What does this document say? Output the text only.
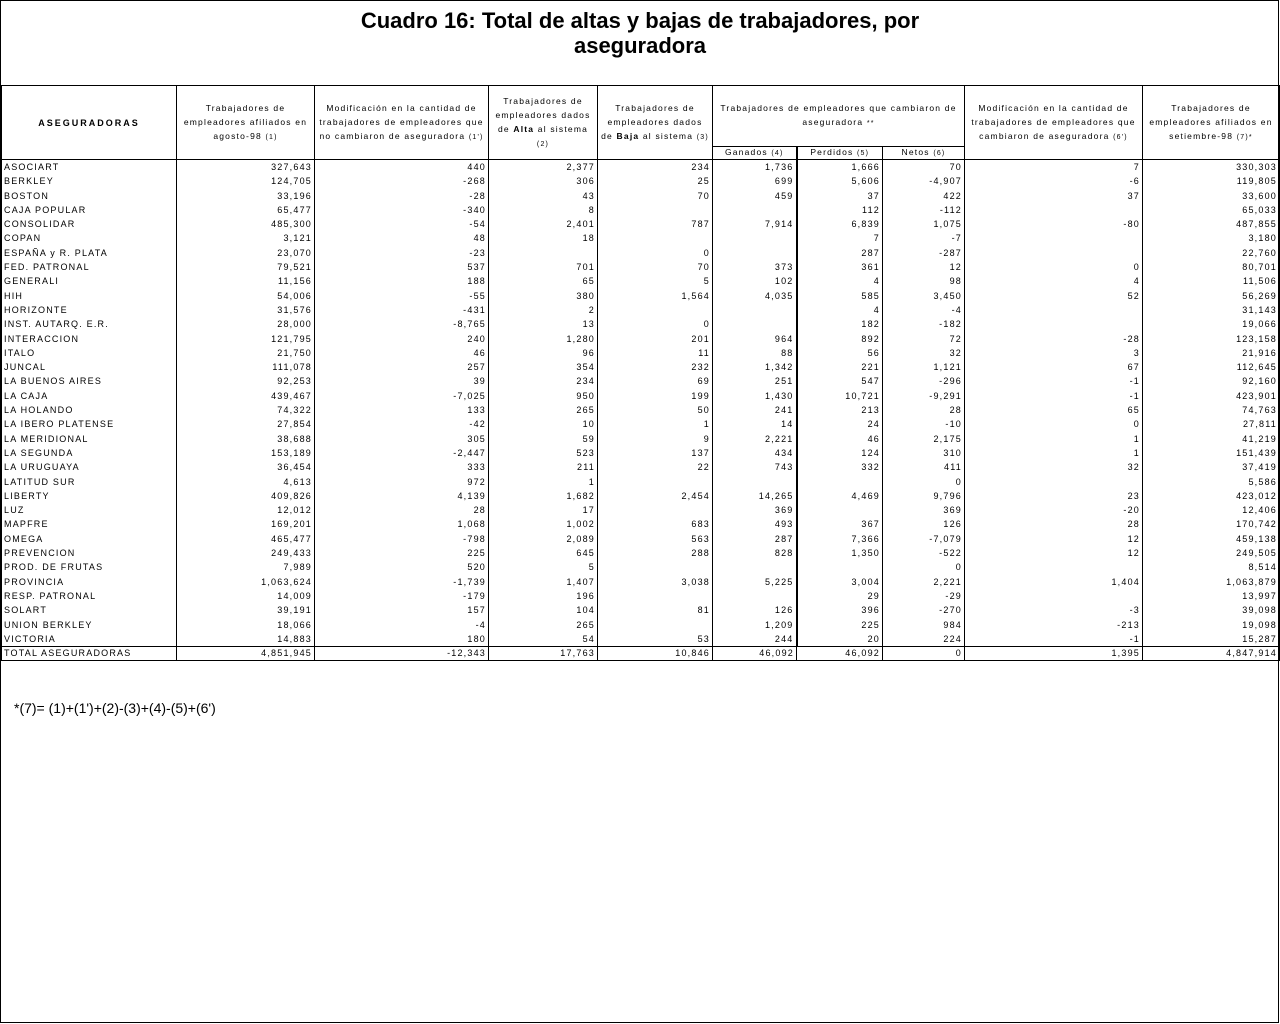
Cuadro 16: Total de altas y bajas de trabajadores, por
aseguradora
ASEGURADORAS	Trabajadores de empleadores afiliados en agosto-98 (1)	Modificación en la cantidad de trabajadores de empleadores que no cambiaron de aseguradora (1')	Trabajadores de empleadores dados de Alta al sistema (2)	Trabajadores de empleadores dados de Baja al sistema (3)	Trabajadores de empleadores que cambiaron de aseguradora **			Modificación en la cantidad de trabajadores de empleadores que cambiaron de aseguradora (6')	Trabajadores de empleadores afiliados en setiembre-98 (7)*
					Ganados (4)	Perdidos (5)	Netos (6)		
ASOCIART	327,643	440	2,377	234	1,736	1,666	70	7	330,303
BERKLEY	124,705	-268	306	25	699	5,606	-4,907	-6	119,805
BOSTON	33,196	-28	43	70	459	37	422	37	33,600
CAJA POPULAR	65,477	-340	8			112	-112		65,033
CONSOLIDAR	485,300	-54	2,401	787	7,914	6,839	1,075	-80	487,855
COPAN	3,121	48	18			7	-7		3,180
ESPAÑA y R. PLATA	23,070	-23		0		287	-287		22,760
FED. PATRONAL	79,521	537	701	70	373	361	12	0	80,701
GENERALI	11,156	188	65	5	102	4	98	4	11,506
HIH	54,006	-55	380	1,564	4,035	585	3,450	52	56,269
HORIZONTE	31,576	-431	2			4	-4		31,143
INST. AUTARQ. E.R.	28,000	-8,765	13	0		182	-182		19,066
INTERACCION	121,795	240	1,280	201	964	892	72	-28	123,158
ITALO	21,750	46	96	11	88	56	32	3	21,916
JUNCAL	111,078	257	354	232	1,342	221	1,121	67	112,645
LA BUENOS AIRES	92,253	39	234	69	251	547	-296	-1	92,160
LA CAJA	439,467	-7,025	950	199	1,430	10,721	-9,291	-1	423,901
LA HOLANDO	74,322	133	265	50	241	213	28	65	74,763
LA IBERO PLATENSE	27,854	-42	10	1	14	24	-10	0	27,811
LA MERIDIONAL	38,688	305	59	9	2,221	46	2,175	1	41,219
LA SEGUNDA	153,189	-2,447	523	137	434	124	310	1	151,439
LA URUGUAYA	36,454	333	211	22	743	332	411	32	37,419
LATITUD SUR	4,613	972	1				0		5,586
LIBERTY	409,826	4,139	1,682	2,454	14,265	4,469	9,796	23	423,012
LUZ	12,012	28	17		369		369	-20	12,406
MAPFRE	169,201	1,068	1,002	683	493	367	126	28	170,742
OMEGA	465,477	-798	2,089	563	287	7,366	-7,079	12	459,138
PREVENCION	249,433	225	645	288	828	1,350	-522	12	249,505
PROD. DE FRUTAS	7,989	520	5				0		8,514
PROVINCIA	1,063,624	-1,739	1,407	3,038	5,225	3,004	2,221	1,404	1,063,879
RESP. PATRONAL	14,009	-179	196			29	-29		13,997
SOLART	39,191	157	104	81	126	396	-270	-3	39,098
UNION BERKLEY	18,066	-4	265		1,209	225	984	-213	19,098
VICTORIA	14,883	180	54	53	244	20	224	-1	15,287
TOTAL ASEGURADORAS	4,851,945	-12,343	17,763	10,846	46,092	46,092	0	1,395	4,847,914
*(7)= (1)+(1')+(2)-(3)+(4)-(5)+(6')
